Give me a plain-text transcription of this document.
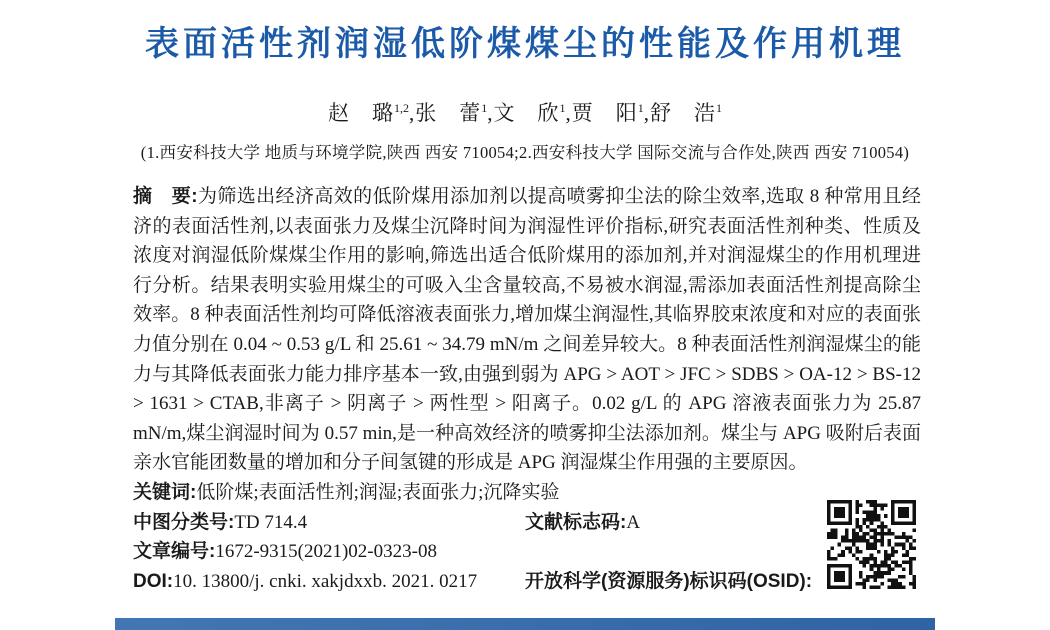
表面活性剂润湿低阶煤煤尘的性能及作用机理
赵　璐$^{1,2}$,张　蕾$^1$,文　欣$^1$,贾　阳$^1$,舒　浩$^1$
(1.西安科技大学 地质与环境学院,陕西 西安 710054;2.西安科技大学 国际交流与合作处,陕西 西安 710054)

摘　要:为筛选出经济高效的低阶煤用添加剂以提高喷雾抑尘法的除尘效率,选取 8 种常用且经济的表面活性剂,以表面张力及煤尘沉降时间为润湿性评价指标,研究表面活性剂种类、性质及浓度对润湿低阶煤煤尘作用的影响,筛选出适合低阶煤用的添加剂,并对润湿煤尘的作用机理进行分析。结果表明实验用煤尘的可吸入尘含量较高,不易被水润湿,需添加表面活性剂提高除尘效率。8 种表面活性剂均可降低溶液表面张力,增加煤尘润湿性,其临界胶束浓度和对应的表面张力值分别在 0.04 ~ 0.53 g/L 和 25.61 ~ 34.79 mN/m 之间差异较大。8 种表面活性剂润湿煤尘的能力与其降低表面张力能力排序基本一致,由强到弱为 APG > AOT > JFC > SDBS > OA-12 > BS-12 > 1631 > CTAB,非离子 > 阴离子 > 两性型 > 阳离子。0.02 g/L 的 APG 溶液表面张力为 25.87 mN/m,煤尘润湿时间为 0.57 min,是一种高效经济的喷雾抑尘法添加剂。煤尘与 APG 吸附后表面亲水官能团数量的增加和分子间氢键的形成是 APG 润湿煤尘作用强的主要原因。

关键词:低阶煤;表面活性剂;润湿;表面张力;沉降实验

中图分类号:TD 714.4	文献标志码:A

文章编号:1672-9315(2021)02-0323-08

DOI:10. 13800/j. cnki. xakjdxxb. 2021. 0217	开放科学(资源服务)标识码(OSID):
